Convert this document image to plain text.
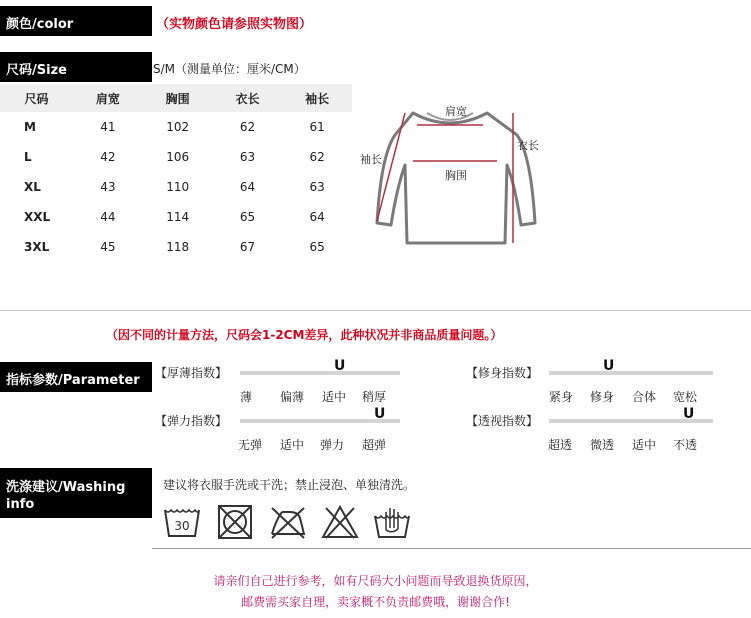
颜色/color	（实物颜色请参照实物图）
尺码/Size	S/M（测量单位：厘米/CM）
尺码	肩宽	胸围	衣长	袖长
M	41	102	62	61
L	42	106	63	62
XL	43	110	64	63
XXL	44	114	65	64
3XL	45	118	67	65
肩宽
袖长
衣长
胸围
（因不同的计量方法，尺码会1-2CM差异，此种状况并非商品质量问题。）
指标参数/Parameter 【厚薄指数】	U
薄 偏薄 适中 稍厚
【弹力指数】	U
无弹 适中 弹力 超弹
【修身指数】	U
紧身 修身 合体 宽松
【透视指数】	U
超透 微透 适中 不透
洗涤建议/Washing
info
建议将衣服手洗或干洗；禁止浸泡、单独清洗。
30
请亲们自己进行参考，如有尺码大小问题而导致退换货原因，
邮费需买家自理，卖家概不负责邮费哦，谢谢合作!
